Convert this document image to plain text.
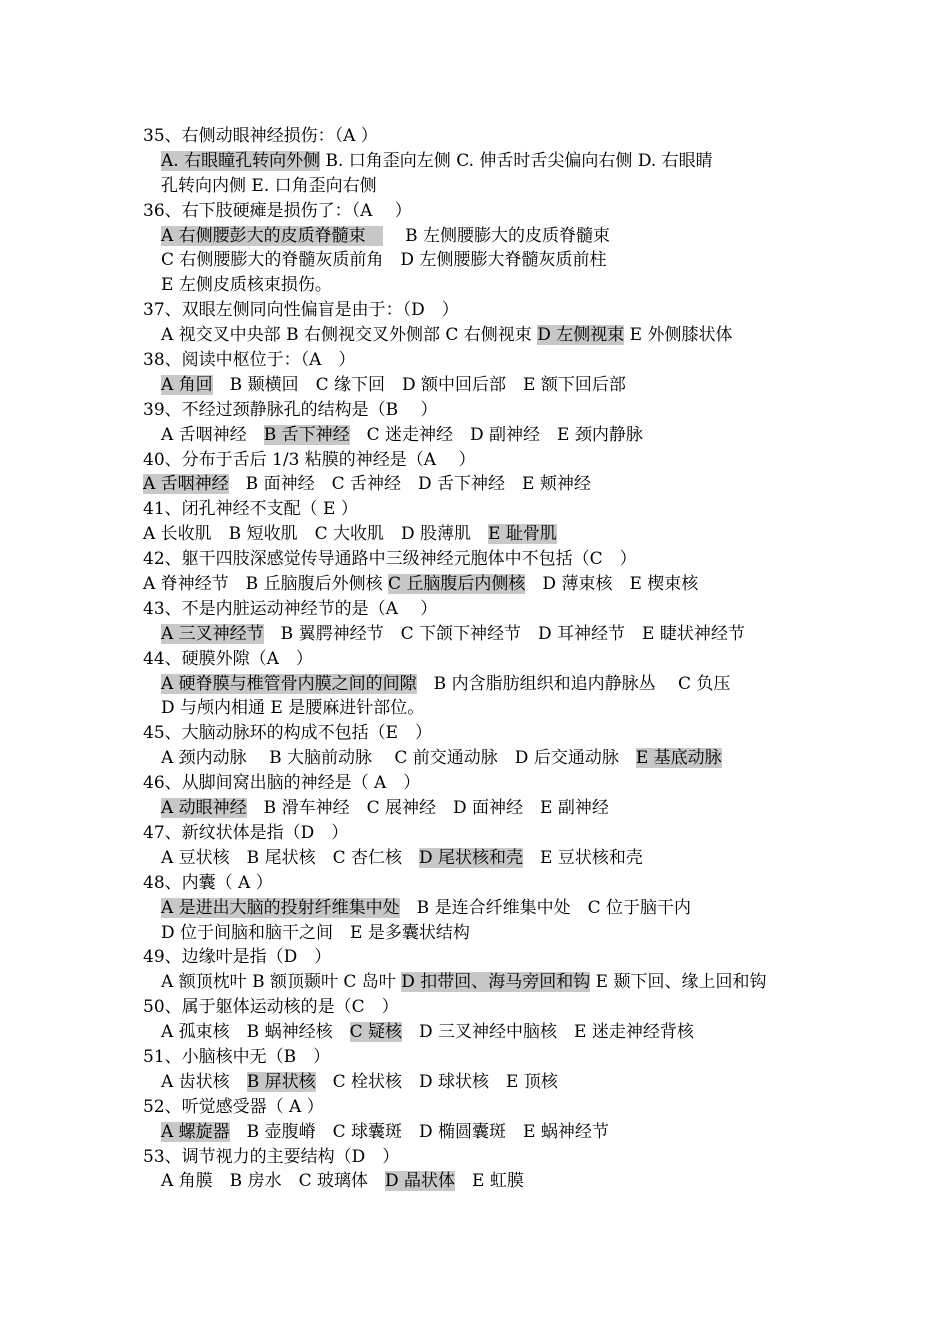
35、右侧动眼神经损伤：（A ）
A. 右眼瞳孔转向外侧 B. 口角歪向左侧 C. 伸舌时舌尖偏向右侧 D. 右眼睛
孔转向内侧 E. 口角歪向右侧
36、右下肢硬瘫是损伤了：（A　 ）
A 右侧腰彭大的皮质脊髓束　 　B 左侧腰膨大的皮质脊髓束
C 右侧腰膨大的脊髓灰质前角　D 左侧腰膨大脊髓灰质前柱
E 左侧皮质核束损伤。
37、双眼左侧同向性偏盲是由于：（D　）
A 视交叉中央部 B 右侧视交叉外侧部 C 右侧视束 D 左侧视束 E 外侧膝状体
38、阅读中枢位于：（A　）
A 角回　B 颞横回　C 缘下回　D 额中回后部　E 额下回后部
39、不经过颈静脉孔的结构是（B　 ）
A 舌咽神经　B 舌下神经　C 迷走神经　D 副神经　E 颈内静脉
40、分布于舌后 1/3 粘膜的神经是（A　 ）
A 舌咽神经　B 面神经　C 舌神经　D 舌下神经　E 颊神经
41、闭孔神经不支配（ E ）
A 长收肌　B 短收肌　C 大收肌　D 股薄肌　E 耻骨肌
42、躯干四肢深感觉传导通路中三级神经元胞体中不包括（C　）
A 脊神经节　B 丘脑腹后外侧核 C 丘脑腹后内侧核　D 薄束核　E 楔束核
43、不是内脏运动神经节的是（A　 ）
A 三叉神经节　B 翼腭神经节　C 下颌下神经节　D 耳神经节　E 睫状神经节
44、硬膜外隙（A　）
A 硬脊膜与椎管骨内膜之间的间隙　B 内含脂肪组织和追内静脉丛　 C 负压
D 与颅内相通 E 是腰麻进针部位。
45、大脑动脉环的构成不包括（E　）
A 颈内动脉　 B 大脑前动脉　 C 前交通动脉　D 后交通动脉　E 基底动脉
46、从脚间窝出脑的神经是（ A　）
A 动眼神经　B 滑车神经　C 展神经　D 面神经　E 副神经
47、新纹状体是指（D　）
A 豆状核　B 尾状核　C 杏仁核　D 尾状核和壳　E 豆状核和壳
48、内囊（ A ）
A 是进出大脑的投射纤维集中处　B 是连合纤维集中处　C 位于脑干内
D 位于间脑和脑干之间　E 是多囊状结构
49、边缘叶是指（D　）
A 额顶枕叶 B 额顶颞叶 C 岛叶 D 扣带回、海马旁回和钩 E 颞下回、缘上回和钩
50、属于躯体运动核的是（C　）
A 孤束核　B 蜗神经核　C 疑核　D 三叉神经中脑核　E 迷走神经背核
51、小脑核中无（B　）
A 齿状核　B 屏状核　C 栓状核　D 球状核　E 顶核
52、听觉感受器（ A ）
A 螺旋器　B 壶腹嵴　C 球囊斑　D 椭圆囊斑　E 蜗神经节
53、调节视力的主要结构（D　）
A 角膜　B 房水　C 玻璃体　D 晶状体　E 虹膜
